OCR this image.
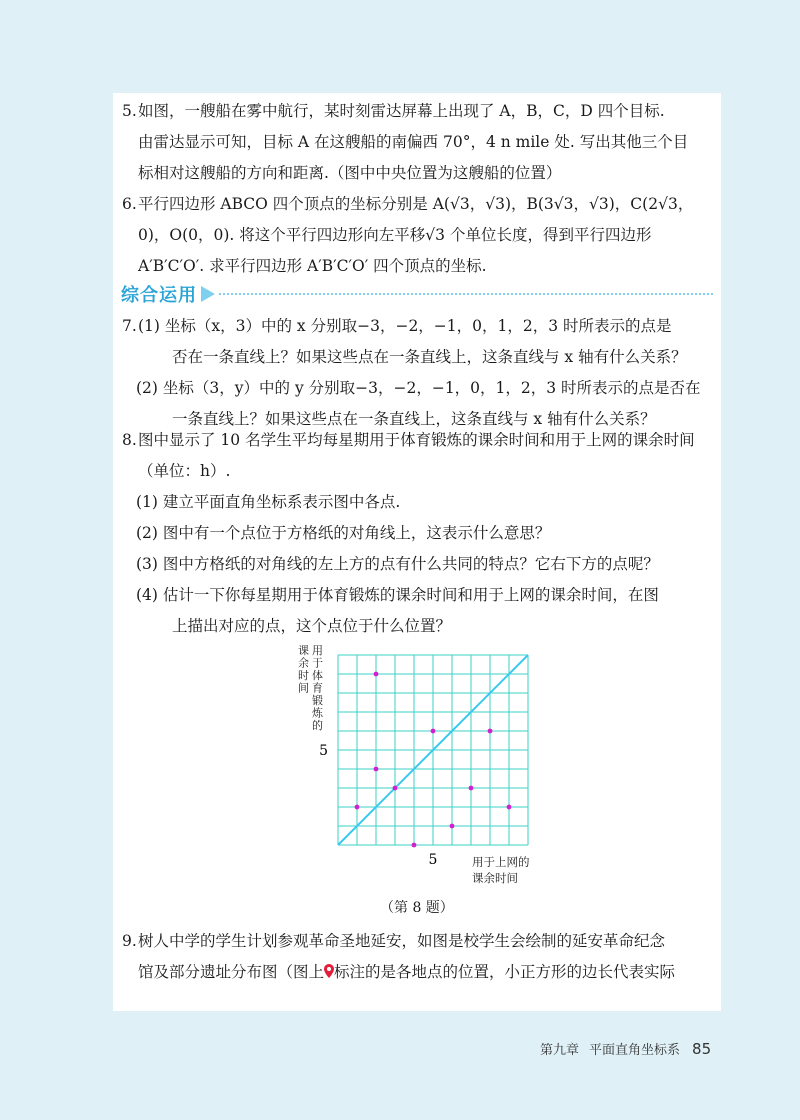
5.如图，一艘船在雾中航行，某时刻雷达屏幕上出现了 A，B，C，D 四个目标.

由雷达显示可知，目标 A 在这艘船的南偏西 70°，4 n mile 处. 写出其他三个目

标相对这艘船的方向和距离.（图中中央位置为这艘船的位置）

6.平行四边形 ABCO 四个顶点的坐标分别是 A(√3，√3)，B(3√3，√3)，C(2√3，

0)，O(0，0). 将这个平行四边形向左平移√3 个单位长度，得到平行四边形

A′B′C′O′. 求平行四边形 A′B′C′O′ 四个顶点的坐标.

综合运用

7.(1) 坐标（x，3）中的 x 分别取−3，−2，−1，0，1，2，3 时所表示的点是

否在一条直线上？如果这些点在一条直线上，这条直线与 x 轴有什么关系？

(2) 坐标（3，y）中的 y 分别取−3，−2，−1，0，1，2，3 时所表示的点是否在

一条直线上？如果这些点在一条直线上，这条直线与 x 轴有什么关系？

8.图中显示了 10 名学生平均每星期用于体育锻炼的课余时间和用于上网的课余时间

（单位：h）.

(1) 建立平面直角坐标系表示图中各点.

(2) 图中有一个点位于方格纸的对角线上，这表示什么意思？

(3) 图中方格纸的对角线的左上方的点有什么共同的特点？它右下方的点呢？

(4) 估计一下你每星期用于体育锻炼的课余时间和用于上网的课余时间，在图

上描出对应的点，这个点位于什么位置？

5
5
用于体育锻炼的课余时间
用于上网的课余时间
（第 8 题）

9.树人中学的学生计划参观革命圣地延安，如图是校学生会绘制的延安革命纪念

馆及部分遗址分布图（图上 标注的是各地点的位置，小正方形的边长代表实际

第九章 平面直角坐标系 85
